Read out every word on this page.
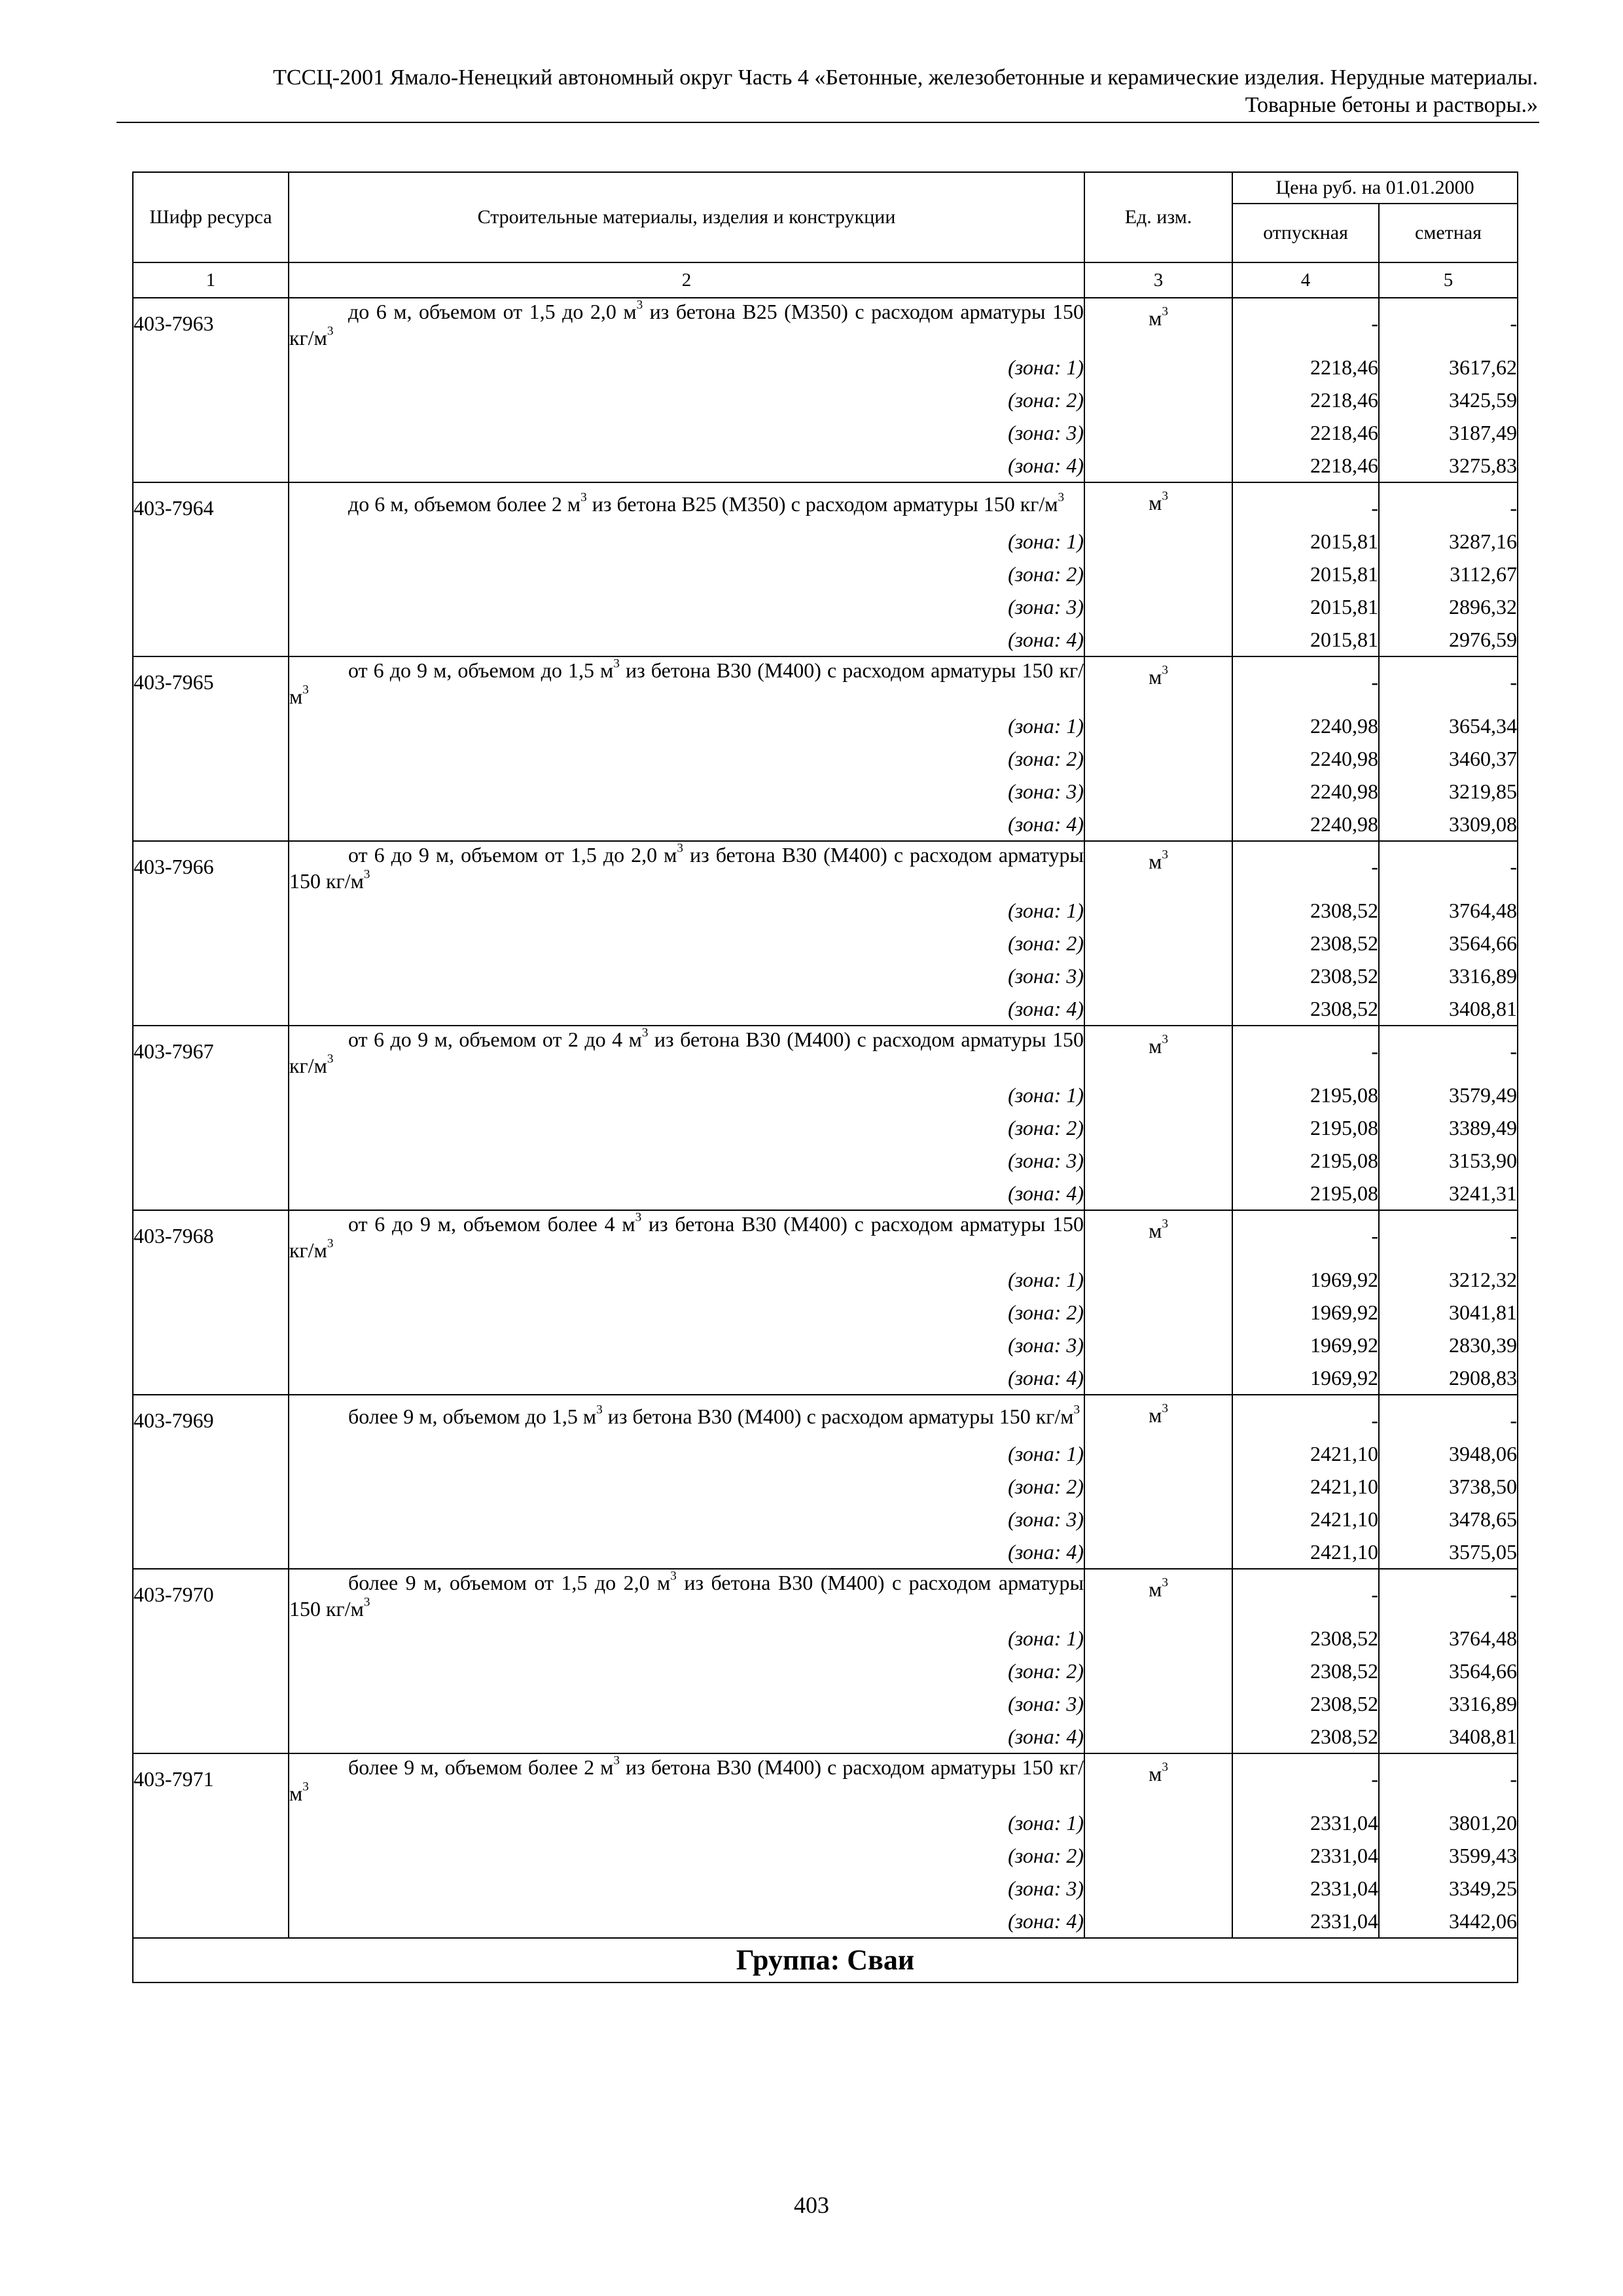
ТССЦ-2001 Ямало-Ненецкий автономный округ Часть 4 «Бетонные, железобетонные и керамические изделия. Нерудные материалы.
Товарные бетоны и растворы.»
Шифр ресурса	Строительные материалы, изделия и конструкции	Ед. изм.	Цена руб. на 01.01.2000	
			отпускная	сметная
1	2	3	4	5
403-7963	до 6 м, объемом от 1,5 до 2,0 $м^3$ из бетона В25 (М350) с расходом арматуры 150 $кг/м^3$	$м^3$	-	-
	(зона: 1)		2218,46	3617,62
	(зона: 2)		2218,46	3425,59
	(зона: 3)		2218,46	3187,49
	(зона: 4)		2218,46	3275,83
403-7964	до 6 м, объемом более 2 $м^3$ из бетона В25 (М350) с расходом арматуры 150 $кг/м^3$	$м^3$	-	-
	(зона: 1)		2015,81	3287,16
	(зона: 2)		2015,81	3112,67
	(зона: 3)		2015,81	2896,32
	(зона: 4)		2015,81	2976,59
403-7965	от 6 до 9 м, объемом до 1,5 $м^3$ из бетона В30 (М400) с расходом арматуры 150 $кг/м^3$	$м^3$	-	-
	(зона: 1)		2240,98	3654,34
	(зона: 2)		2240,98	3460,37
	(зона: 3)		2240,98	3219,85
	(зона: 4)		2240,98	3309,08
403-7966	от 6 до 9 м, объемом от 1,5 до 2,0 $м^3$ из бетона В30 (М400) с расходом арматуры 150 $кг/м^3$	$м^3$	-	-
	(зона: 1)		2308,52	3764,48
	(зона: 2)		2308,52	3564,66
	(зона: 3)		2308,52	3316,89
	(зона: 4)		2308,52	3408,81
403-7967	от 6 до 9 м, объемом от 2 до 4 $м^3$ из бетона В30 (М400) с расходом арматуры 150 $кг/м^3$	$м^3$	-	-
	(зона: 1)		2195,08	3579,49
	(зона: 2)		2195,08	3389,49
	(зона: 3)		2195,08	3153,90
	(зона: 4)		2195,08	3241,31
403-7968	от 6 до 9 м, объемом более 4 $м^3$ из бетона В30 (М400) с расходом арматуры 150 $кг/м^3$	$м^3$	-	-
	(зона: 1)		1969,92	3212,32
	(зона: 2)		1969,92	3041,81
	(зона: 3)		1969,92	2830,39
	(зона: 4)		1969,92	2908,83
403-7969	более 9 м, объемом до 1,5 $м^3$ из бетона В30 (М400) с расходом арматуры 150 $кг/м^3$	$м^3$	-	-
	(зона: 1)		2421,10	3948,06
	(зона: 2)		2421,10	3738,50
	(зона: 3)		2421,10	3478,65
	(зона: 4)		2421,10	3575,05
403-7970	более 9 м, объемом от 1,5 до 2,0 $м^3$ из бетона В30 (М400) с расходом арматуры 150 $кг/м^3$	$м^3$	-	-
	(зона: 1)		2308,52	3764,48
	(зона: 2)		2308,52	3564,66
	(зона: 3)		2308,52	3316,89
	(зона: 4)		2308,52	3408,81
403-7971	более 9 м, объемом более 2 $м^3$ из бетона В30 (М400) с расходом арматуры 150 $кг/м^3$	$м^3$	-	-
	(зона: 1)		2331,04	3801,20
	(зона: 2)		2331,04	3599,43
	(зона: 3)		2331,04	3349,25
	(зона: 4)		2331,04	3442,06
Группа: Сваи				
403
